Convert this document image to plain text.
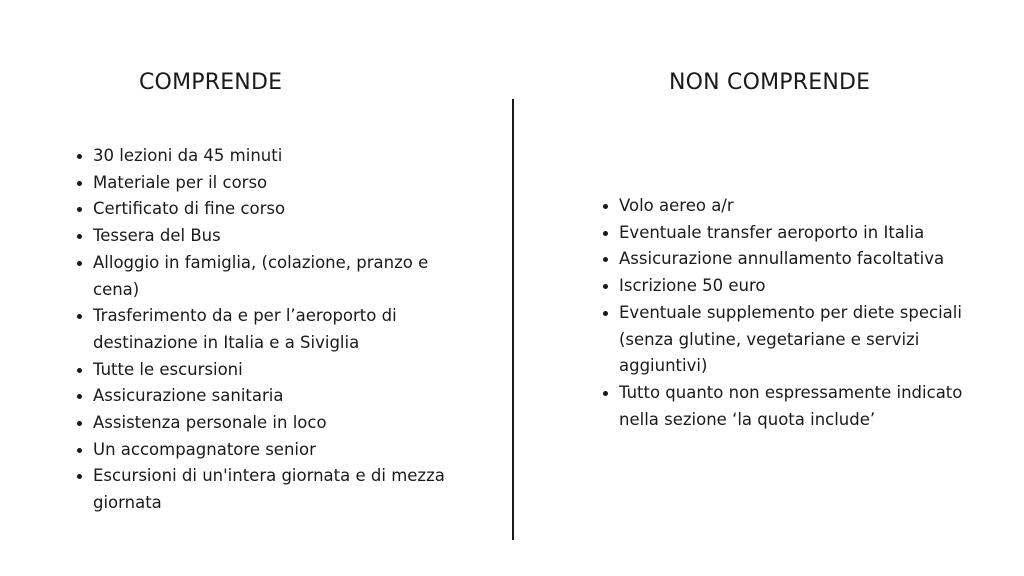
COMPRENDE	NON COMPRENDE
30 lezioni da 45 minuti
Materiale per il corso
Certificato di fine corso
Tessera del Bus
Alloggio in famiglia, (colazione, pranzo e cena)
Trasferimento da e per l’aeroporto di destinazione in Italia e a Siviglia
Tutte le escursioni
Assicurazione sanitaria
Assistenza personale in loco
Un accompagnatore senior
Escursioni di un'intera giornata e di mezza giornata
Volo aereo a/r
Eventuale transfer aeroporto in Italia
Assicurazione annullamento facoltativa
Iscrizione 50 euro
Eventuale supplemento per diete speciali (senza glutine, vegetariane e servizi aggiuntivi)
Tutto quanto non espressamente indicato nella sezione ‘la quota include’
